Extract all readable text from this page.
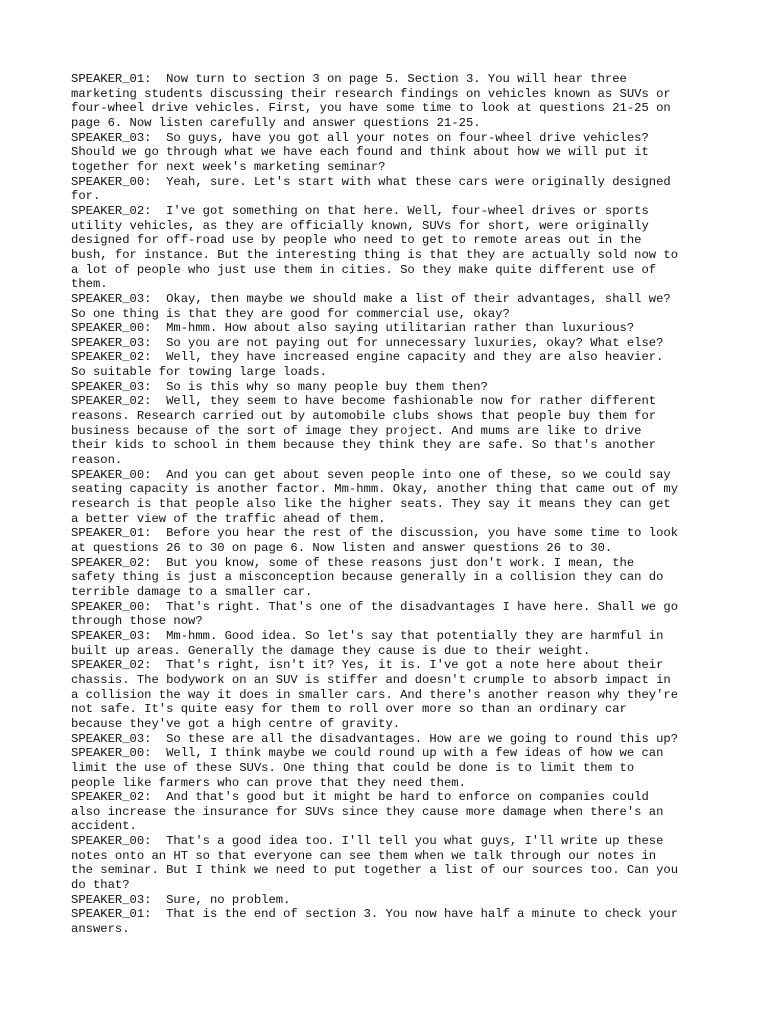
SPEAKER_01:  Now turn to section 3 on page 5. Section 3. You will hear three
marketing students discussing their research findings on vehicles known as SUVs or
four-wheel drive vehicles. First, you have some time to look at questions 21-25 on
page 6. Now listen carefully and answer questions 21-25.
SPEAKER_03:  So guys, have you got all your notes on four-wheel drive vehicles?
Should we go through what we have each found and think about how we will put it
together for next week's marketing seminar?
SPEAKER_00:  Yeah, sure. Let's start with what these cars were originally designed
for.
SPEAKER_02:  I've got something on that here. Well, four-wheel drives or sports
utility vehicles, as they are officially known, SUVs for short, were originally
designed for off-road use by people who need to get to remote areas out in the
bush, for instance. But the interesting thing is that they are actually sold now to
a lot of people who just use them in cities. So they make quite different use of
them.
SPEAKER_03:  Okay, then maybe we should make a list of their advantages, shall we?
So one thing is that they are good for commercial use, okay?
SPEAKER_00:  Mm-hmm. How about also saying utilitarian rather than luxurious?
SPEAKER_03:  So you are not paying out for unnecessary luxuries, okay? What else?
SPEAKER_02:  Well, they have increased engine capacity and they are also heavier.
So suitable for towing large loads.
SPEAKER_03:  So is this why so many people buy them then?
SPEAKER_02:  Well, they seem to have become fashionable now for rather different
reasons. Research carried out by automobile clubs shows that people buy them for
business because of the sort of image they project. And mums are like to drive
their kids to school in them because they think they are safe. So that's another
reason.
SPEAKER_00:  And you can get about seven people into one of these, so we could say
seating capacity is another factor. Mm-hmm. Okay, another thing that came out of my
research is that people also like the higher seats. They say it means they can get
a better view of the traffic ahead of them.
SPEAKER_01:  Before you hear the rest of the discussion, you have some time to look
at questions 26 to 30 on page 6. Now listen and answer questions 26 to 30.
SPEAKER_02:  But you know, some of these reasons just don't work. I mean, the
safety thing is just a misconception because generally in a collision they can do
terrible damage to a smaller car.
SPEAKER_00:  That's right. That's one of the disadvantages I have here. Shall we go
through those now?
SPEAKER_03:  Mm-hmm. Good idea. So let's say that potentially they are harmful in
built up areas. Generally the damage they cause is due to their weight.
SPEAKER_02:  That's right, isn't it? Yes, it is. I've got a note here about their
chassis. The bodywork on an SUV is stiffer and doesn't crumple to absorb impact in
a collision the way it does in smaller cars. And there's another reason why they're
not safe. It's quite easy for them to roll over more so than an ordinary car
because they've got a high centre of gravity.
SPEAKER_03:  So these are all the disadvantages. How are we going to round this up?
SPEAKER_00:  Well, I think maybe we could round up with a few ideas of how we can
limit the use of these SUVs. One thing that could be done is to limit them to
people like farmers who can prove that they need them.
SPEAKER_02:  And that's good but it might be hard to enforce on companies could
also increase the insurance for SUVs since they cause more damage when there's an
accident.
SPEAKER_00:  That's a good idea too. I'll tell you what guys, I'll write up these
notes onto an HT so that everyone can see them when we talk through our notes in
the seminar. But I think we need to put together a list of our sources too. Can you
do that?
SPEAKER_03:  Sure, no problem.
SPEAKER_01:  That is the end of section 3. You now have half a minute to check your
answers.
